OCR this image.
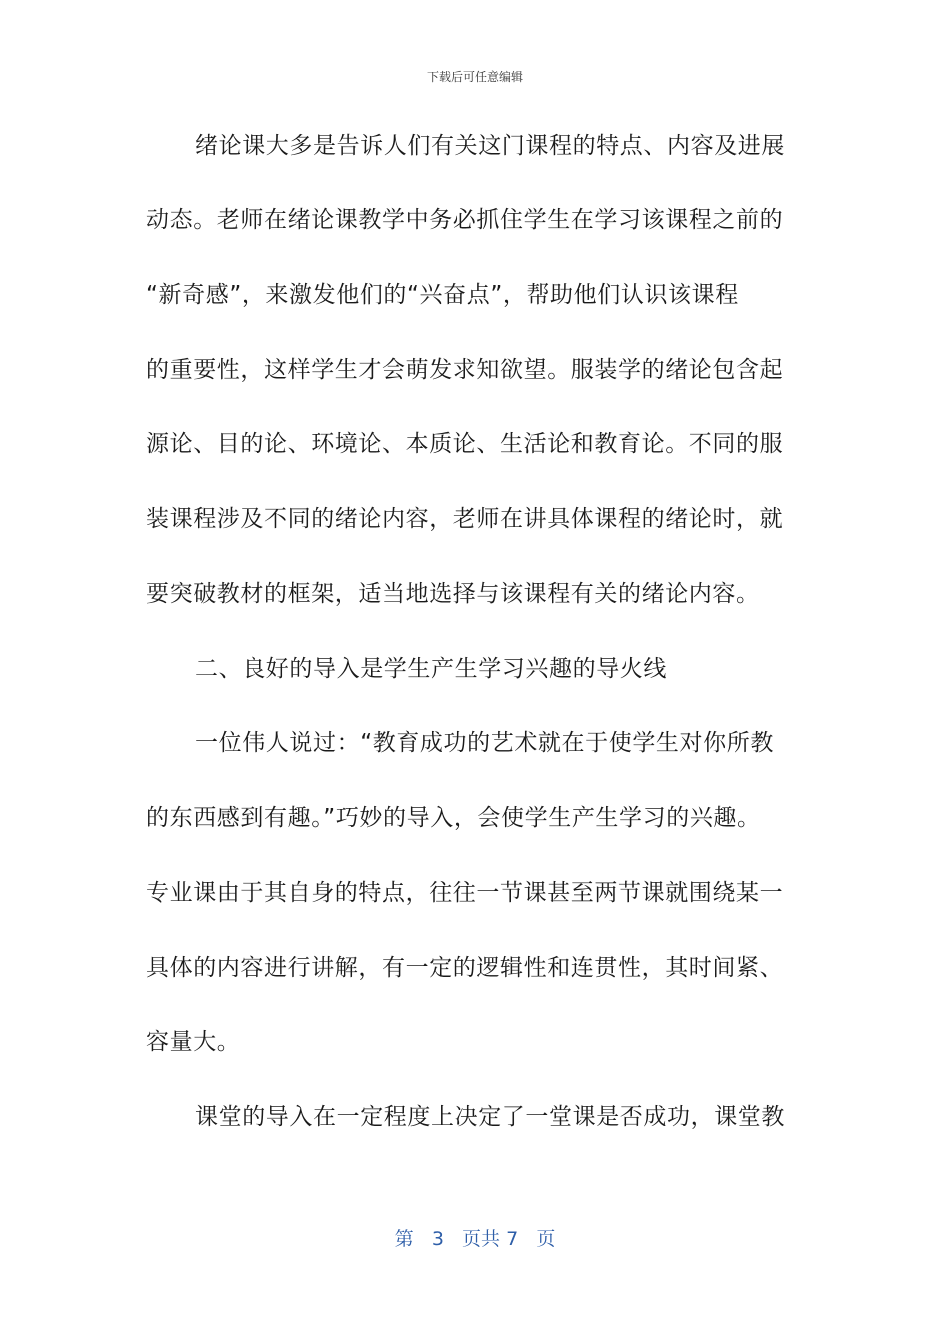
下载后可任意编辑
绪论课大多是告诉人们有关这门课程的特点、内容及进展
动态。老师在绪论课教学中务必抓住学生在学习该课程之前的
“新奇感”，来激发他们的“兴奋点”，帮助他们认识该课程
的重要性，这样学生才会萌发求知欲望。服装学的绪论包含起
源论、目的论、环境论、本质论、生活论和教育论。不同的服
装课程涉及不同的绪论内容，老师在讲具体课程的绪论时，就
要突破教材的框架，适当地选择与该课程有关的绪论内容。
二、良好的导入是学生产生学习兴趣的导火线
一位伟人说过：“教育成功的艺术就在于使学生对你所教
的东西感到有趣。”巧妙的导入，会使学生产生学习的兴趣。
专业课由于其自身的特点，往往一节课甚至两节课就围绕某一
具体的内容进行讲解，有一定的逻辑性和连贯性，其时间紧、
容量大。
课堂的导入在一定程度上决定了一堂课是否成功，课堂教
第 3 页共 7 页
